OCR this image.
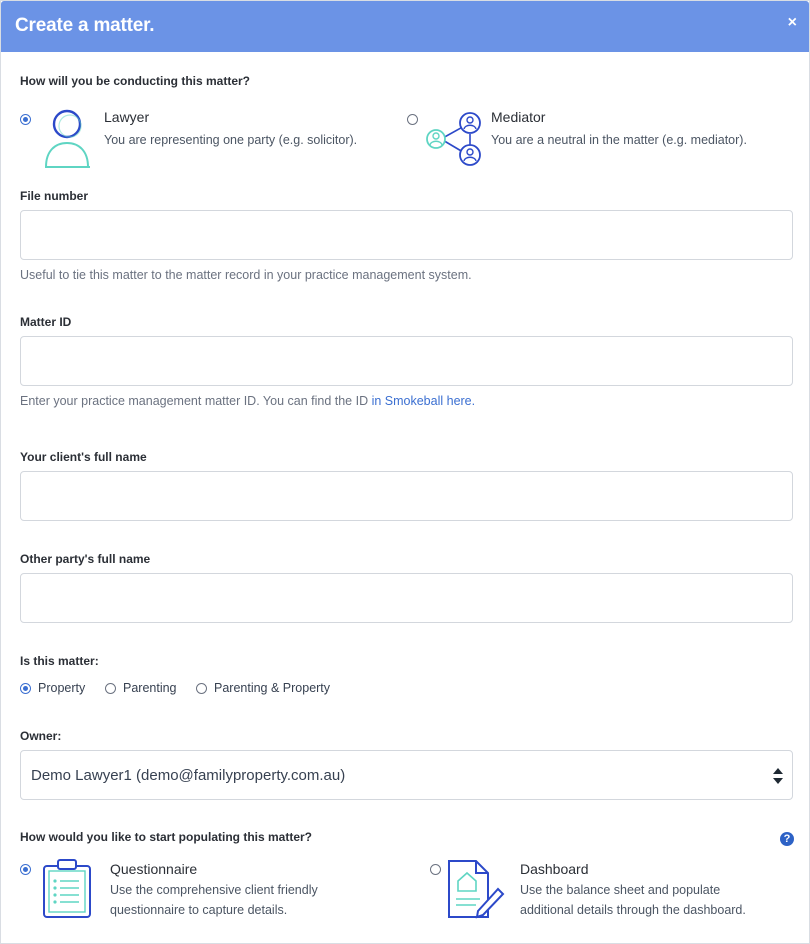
Create a matter.	×
How will you be conducting this matter?
Lawyer
You are representing one party (e.g. solicitor).
Mediator
You are a neutral in the matter (e.g. mediator).
File number
Useful to tie this matter to the matter record in your practice management system.
Matter ID
Enter your practice management matter ID. You can find the ID in Smokeball here.
Your client's full name
Other party's full name
Is this matter:
Property	Parenting	Parenting & Property
Owner:
Demo Lawyer1 (demo@familyproperty.com.au)
How would you like to start populating this matter?	?
Questionnaire
Use the comprehensive client friendly
questionnaire to capture details.
Dashboard
Use the balance sheet and populate
additional details through the dashboard.
